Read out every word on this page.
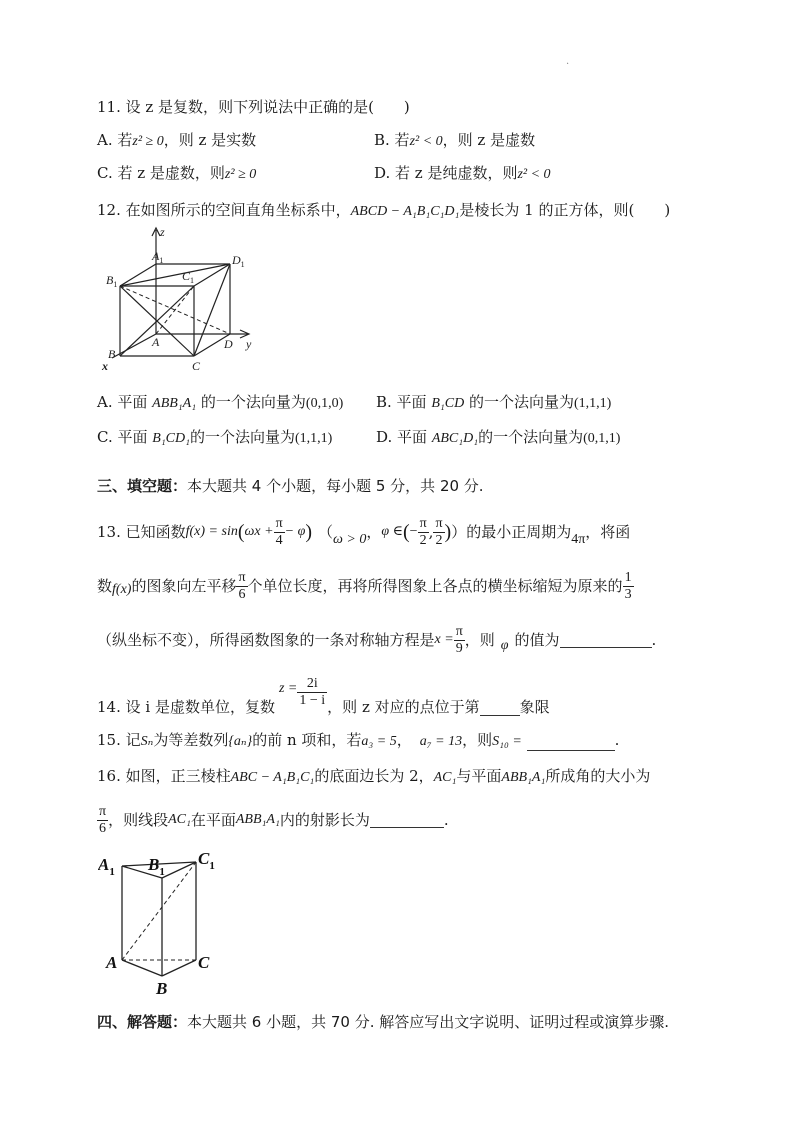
.
11. 设 z 是复数，则下列说法中正确的是(　　)
A. 若z² ≥ 0，则 z 是实数	B. 若z² < 0，则 z 是虚数
C. 若 z 是虚数，则z² ≥ 0	D. 若 z 是纯虚数，则z² < 0
12. 在如图所示的空间直角坐标系中，ABCD − A₁B₁C₁D₁是棱长为 1 的正方体，则(　　)
z
y
x
$A_1$
$B_1$
$C_1$
$D_1$
A
B
C
D
A. 平面 ABB₁A₁ 的一个法向量为(0,1,0) B. 平面 B₁CD 的一个法向量为(1,1,1)
C. 平面 B₁CD₁的一个法向量为(1,1,1)	D. 平面 ABC₁D₁的一个法向量为(0,1,1)
三、填空题：本大题共 4 个小题，每小题 5 分，共 20 分.
13. 已知函数 f(x) = sin ( $\omega x + \frac{\pi}{4} - \varphi$ ) （ ω > 0 ， φ ∈ ( − $\frac{\pi}{2}$ , $\frac{\pi}{2}$ ) ） 的最小正周期为 4π ，将函
数 f(x) 的图象向左平移 $\frac{\pi}{6}$ 个单位长度，再将所得图象上各点的横坐标缩短为原来的 $\frac{1}{3}$
（纵坐标不变），所得函数图象的一条对称轴方程是 $x = \frac{\pi}{9}$ ，则 φ 的值为	.
14. 设 i 是虚数单位，复数
$z = \frac{2i}{1 - i}$ ，则 z 对应的点位于第	象限
15. 记Sₙ为等差数列{aₙ}的前 n 项和，若a₃ = 5， a₇ = 13，则S₁₀ =	.
16. 如图，正三棱柱ABC − A₁B₁C₁的底面边长为 2，AC₁与平面ABB₁A₁所成角的大小为
$\frac{\pi}{6}$ ，则线段 AC₁ 在平面 ABB₁A₁ 内的射影长为	.
$A_1$ $B_1$
$C_1$
A
B
C
四、解答题：本大题共 6 小题，共 70 分. 解答应写出文字说明、证明过程或演算步骤.
